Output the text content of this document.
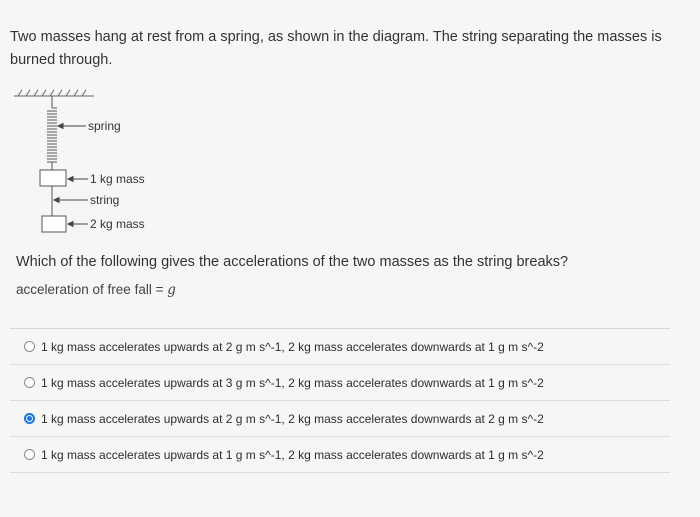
Two masses hang at rest from a spring, as shown in the diagram. The string separating the masses is burned through.
spring
1 kg mass
string
2 kg mass
Which of the following gives the accelerations of the two masses as the string breaks?
acceleration of free fall = g
1 kg mass accelerates upwards at 2 g m s^-1, 2 kg mass accelerates downwards at 1 g m s^-2
1 kg mass accelerates upwards at 3 g m s^-1, 2 kg mass accelerates downwards at 1 g m s^-2
1 kg mass accelerates upwards at 2 g m s^-1, 2 kg mass accelerates downwards at 2 g m s^-2
1 kg mass accelerates upwards at 1 g m s^-1, 2 kg mass accelerates downwards at 1 g m s^-2
